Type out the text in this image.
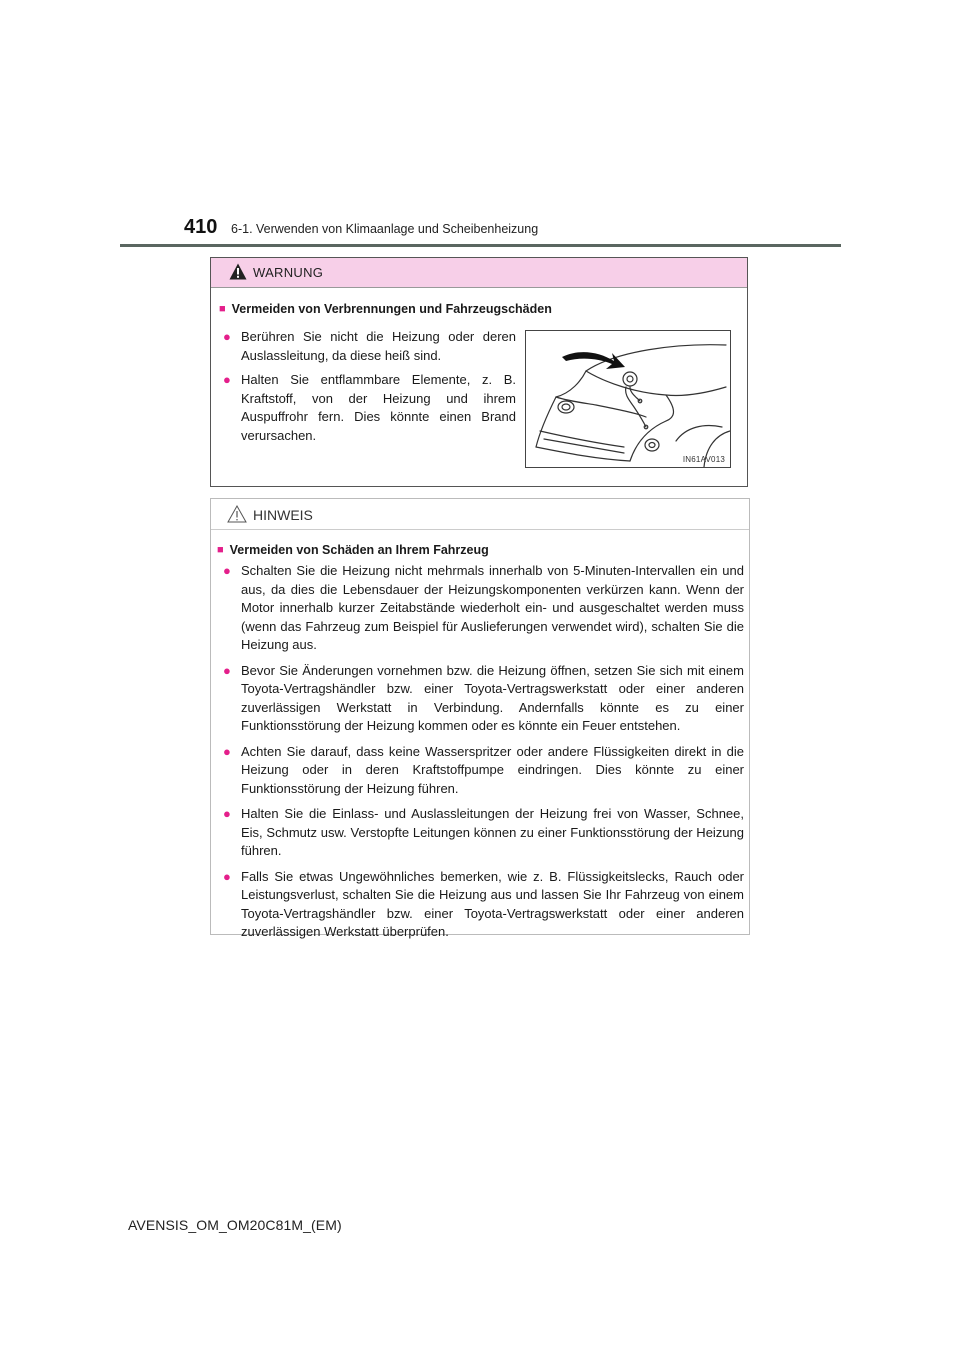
410 6-1. Verwenden von Klimaanlage und Scheibenheizung
WARNUNG
■ Vermeiden von Verbrennungen und Fahrzeugschäden
● Berühren Sie nicht die Heizung oder deren Auslassleitung, da diese heiß sind.
● Halten Sie entflammbare Elemente, z. B. Kraftstoff, von der Heizung und ihrem Auspuffrohr fern. Dies könnte einen Brand verursachen.
IN61AV013
HINWEIS
■ Vermeiden von Schäden an Ihrem Fahrzeug
● Schalten Sie die Heizung nicht mehrmals innerhalb von 5-Minuten-Intervallen ein und aus, da dies die Lebensdauer der Heizungskomponenten verkürzen kann. Wenn der Motor innerhalb kurzer Zeitabstände wiederholt ein- und ausgeschaltet werden muss (wenn das Fahrzeug zum Beispiel für Auslieferungen verwendet wird), schalten Sie die Heizung aus.
● Bevor Sie Änderungen vornehmen bzw. die Heizung öffnen, setzen Sie sich mit einem Toyota-Vertragshändler bzw. einer Toyota-Vertragswerkstatt oder einer anderen zuverlässigen Werkstatt in Verbindung. Andernfalls könnte es zu einer Funktionsstörung der Heizung kommen oder es könnte ein Feuer entstehen.
● Achten Sie darauf, dass keine Wasserspritzer oder andere Flüssigkeiten direkt in die Heizung oder in deren Kraftstoffpumpe eindringen. Dies könnte zu einer Funktionsstörung der Heizung führen.
● Halten Sie die Einlass- und Auslassleitungen der Heizung frei von Wasser, Schnee, Eis, Schmutz usw. Verstopfte Leitungen können zu einer Funktionsstörung der Heizung führen.
● Falls Sie etwas Ungewöhnliches bemerken, wie z. B. Flüssigkeitslecks, Rauch oder Leistungsverlust, schalten Sie die Heizung aus und lassen Sie Ihr Fahrzeug von einem Toyota-Vertragshändler bzw. einer Toyota-Vertragswerkstatt oder einer anderen zuverlässigen Werkstatt überprüfen.
AVENSIS_OM_OM20C81M_(EM)
